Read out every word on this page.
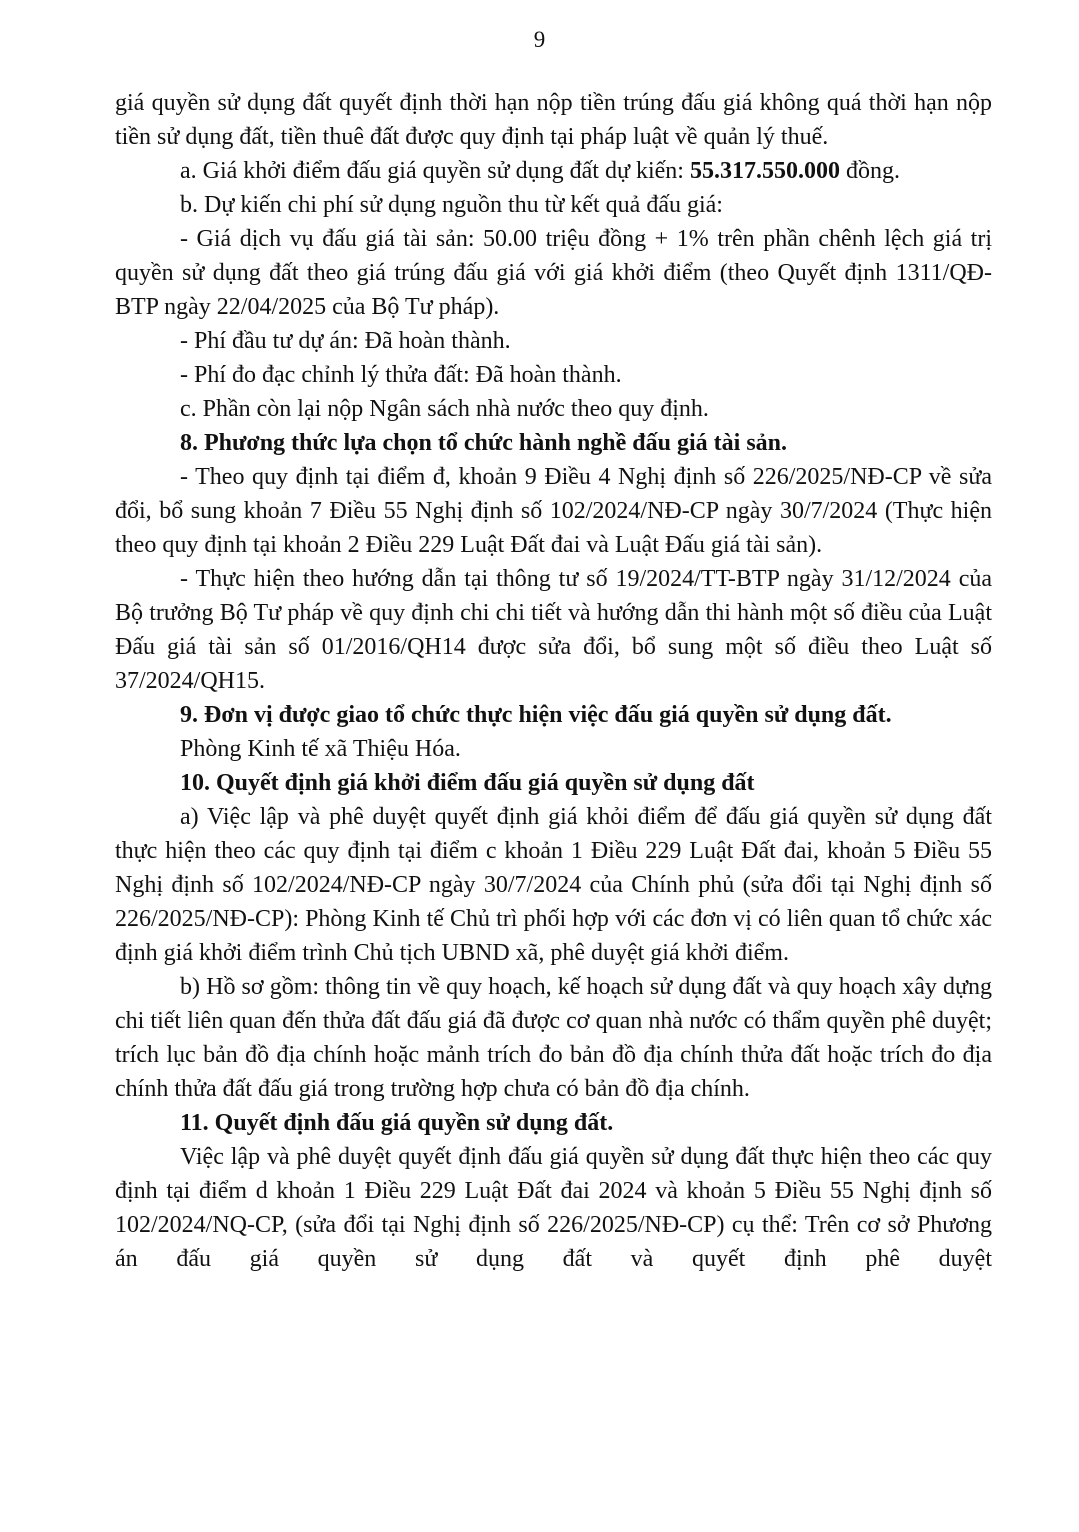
9

giá quyền sử dụng đất quyết định thời hạn nộp tiền trúng đấu giá không quá thời hạn nộp tiền sử dụng đất, tiền thuê đất được quy định tại pháp luật về quản lý thuế.

a. Giá khởi điểm đấu giá quyền sử dụng đất dự kiến: 55.317.550.000 đồng.

b. Dự kiến chi phí sử dụng nguồn thu từ kết quả đấu giá:

- Giá dịch vụ đấu giá tài sản: 50.00 triệu đồng + 1% trên phần chênh lệch giá trị quyền sử dụng đất theo giá trúng đấu giá với giá khởi điểm (theo Quyết định 1311/QĐ-BTP ngày 22/04/2025 của Bộ Tư pháp).

- Phí đầu tư dự án: Đã hoàn thành.

- Phí đo đạc chỉnh lý thửa đất: Đã hoàn thành.

c. Phần còn lại nộp Ngân sách nhà nước theo quy định.

8. Phương thức lựa chọn tổ chức hành nghề đấu giá tài sản.

- Theo quy định tại điểm đ, khoản 9 Điều 4 Nghị định số 226/2025/NĐ-CP về sửa đổi, bổ sung khoản 7 Điều 55 Nghị định số 102/2024/NĐ-CP ngày 30/7/2024 (Thực hiện theo quy định tại khoản 2 Điều 229 Luật Đất đai và Luật Đấu giá tài sản).

- Thực hiện theo hướng dẫn tại thông tư số 19/2024/TT-BTP ngày 31/12/2024 của Bộ trưởng Bộ Tư pháp về quy định chi chi tiết và hướng dẫn thi hành một số điều của Luật Đấu giá tài sản số 01/2016/QH14 được sửa đổi, bổ sung một số điều theo Luật số 37/2024/QH15.

9. Đơn vị được giao tổ chức thực hiện việc đấu giá quyền sử dụng đất.

Phòng Kinh tế xã Thiệu Hóa.

10. Quyết định giá khởi điểm đấu giá quyền sử dụng đất

a) Việc lập và phê duyệt quyết định giá khỏi điểm để đấu giá quyền sử dụng đất thực hiện theo các quy định tại điểm c khoản 1 Điều 229 Luật Đất đai, khoản 5 Điều 55 Nghị định số 102/2024/NĐ-CP ngày 30/7/2024 của Chính phủ (sửa đổi tại Nghị định số 226/2025/NĐ-CP): Phòng Kinh tế Chủ trì phối hợp với các đơn vị có liên quan tổ chức xác định giá khởi điểm trình Chủ tịch UBND xã, phê duyệt giá khởi điểm.

b) Hồ sơ gồm: thông tin về quy hoạch, kế hoạch sử dụng đất và quy hoạch xây dựng chi tiết liên quan đến thửa đất đấu giá đã được cơ quan nhà nước có thẩm quyền phê duyệt; trích lục bản đồ địa chính hoặc mảnh trích đo bản đồ địa chính thửa đất hoặc trích đo địa chính thửa đất đấu giá trong trường hợp chưa có bản đồ địa chính.

11. Quyết định đấu giá quyền sử dụng đất.

Việc lập và phê duyệt quyết định đấu giá quyền sử dụng đất thực hiện theo các quy định tại điểm d khoản 1 Điều 229 Luật Đất đai 2024 và khoản 5 Điều 55 Nghị định số 102/2024/NQ-CP, (sửa đổi tại Nghị định số 226/2025/NĐ-CP) cụ thể: Trên cơ sở Phương án đấu giá quyền sử dụng đất và quyết định phê duyệt
